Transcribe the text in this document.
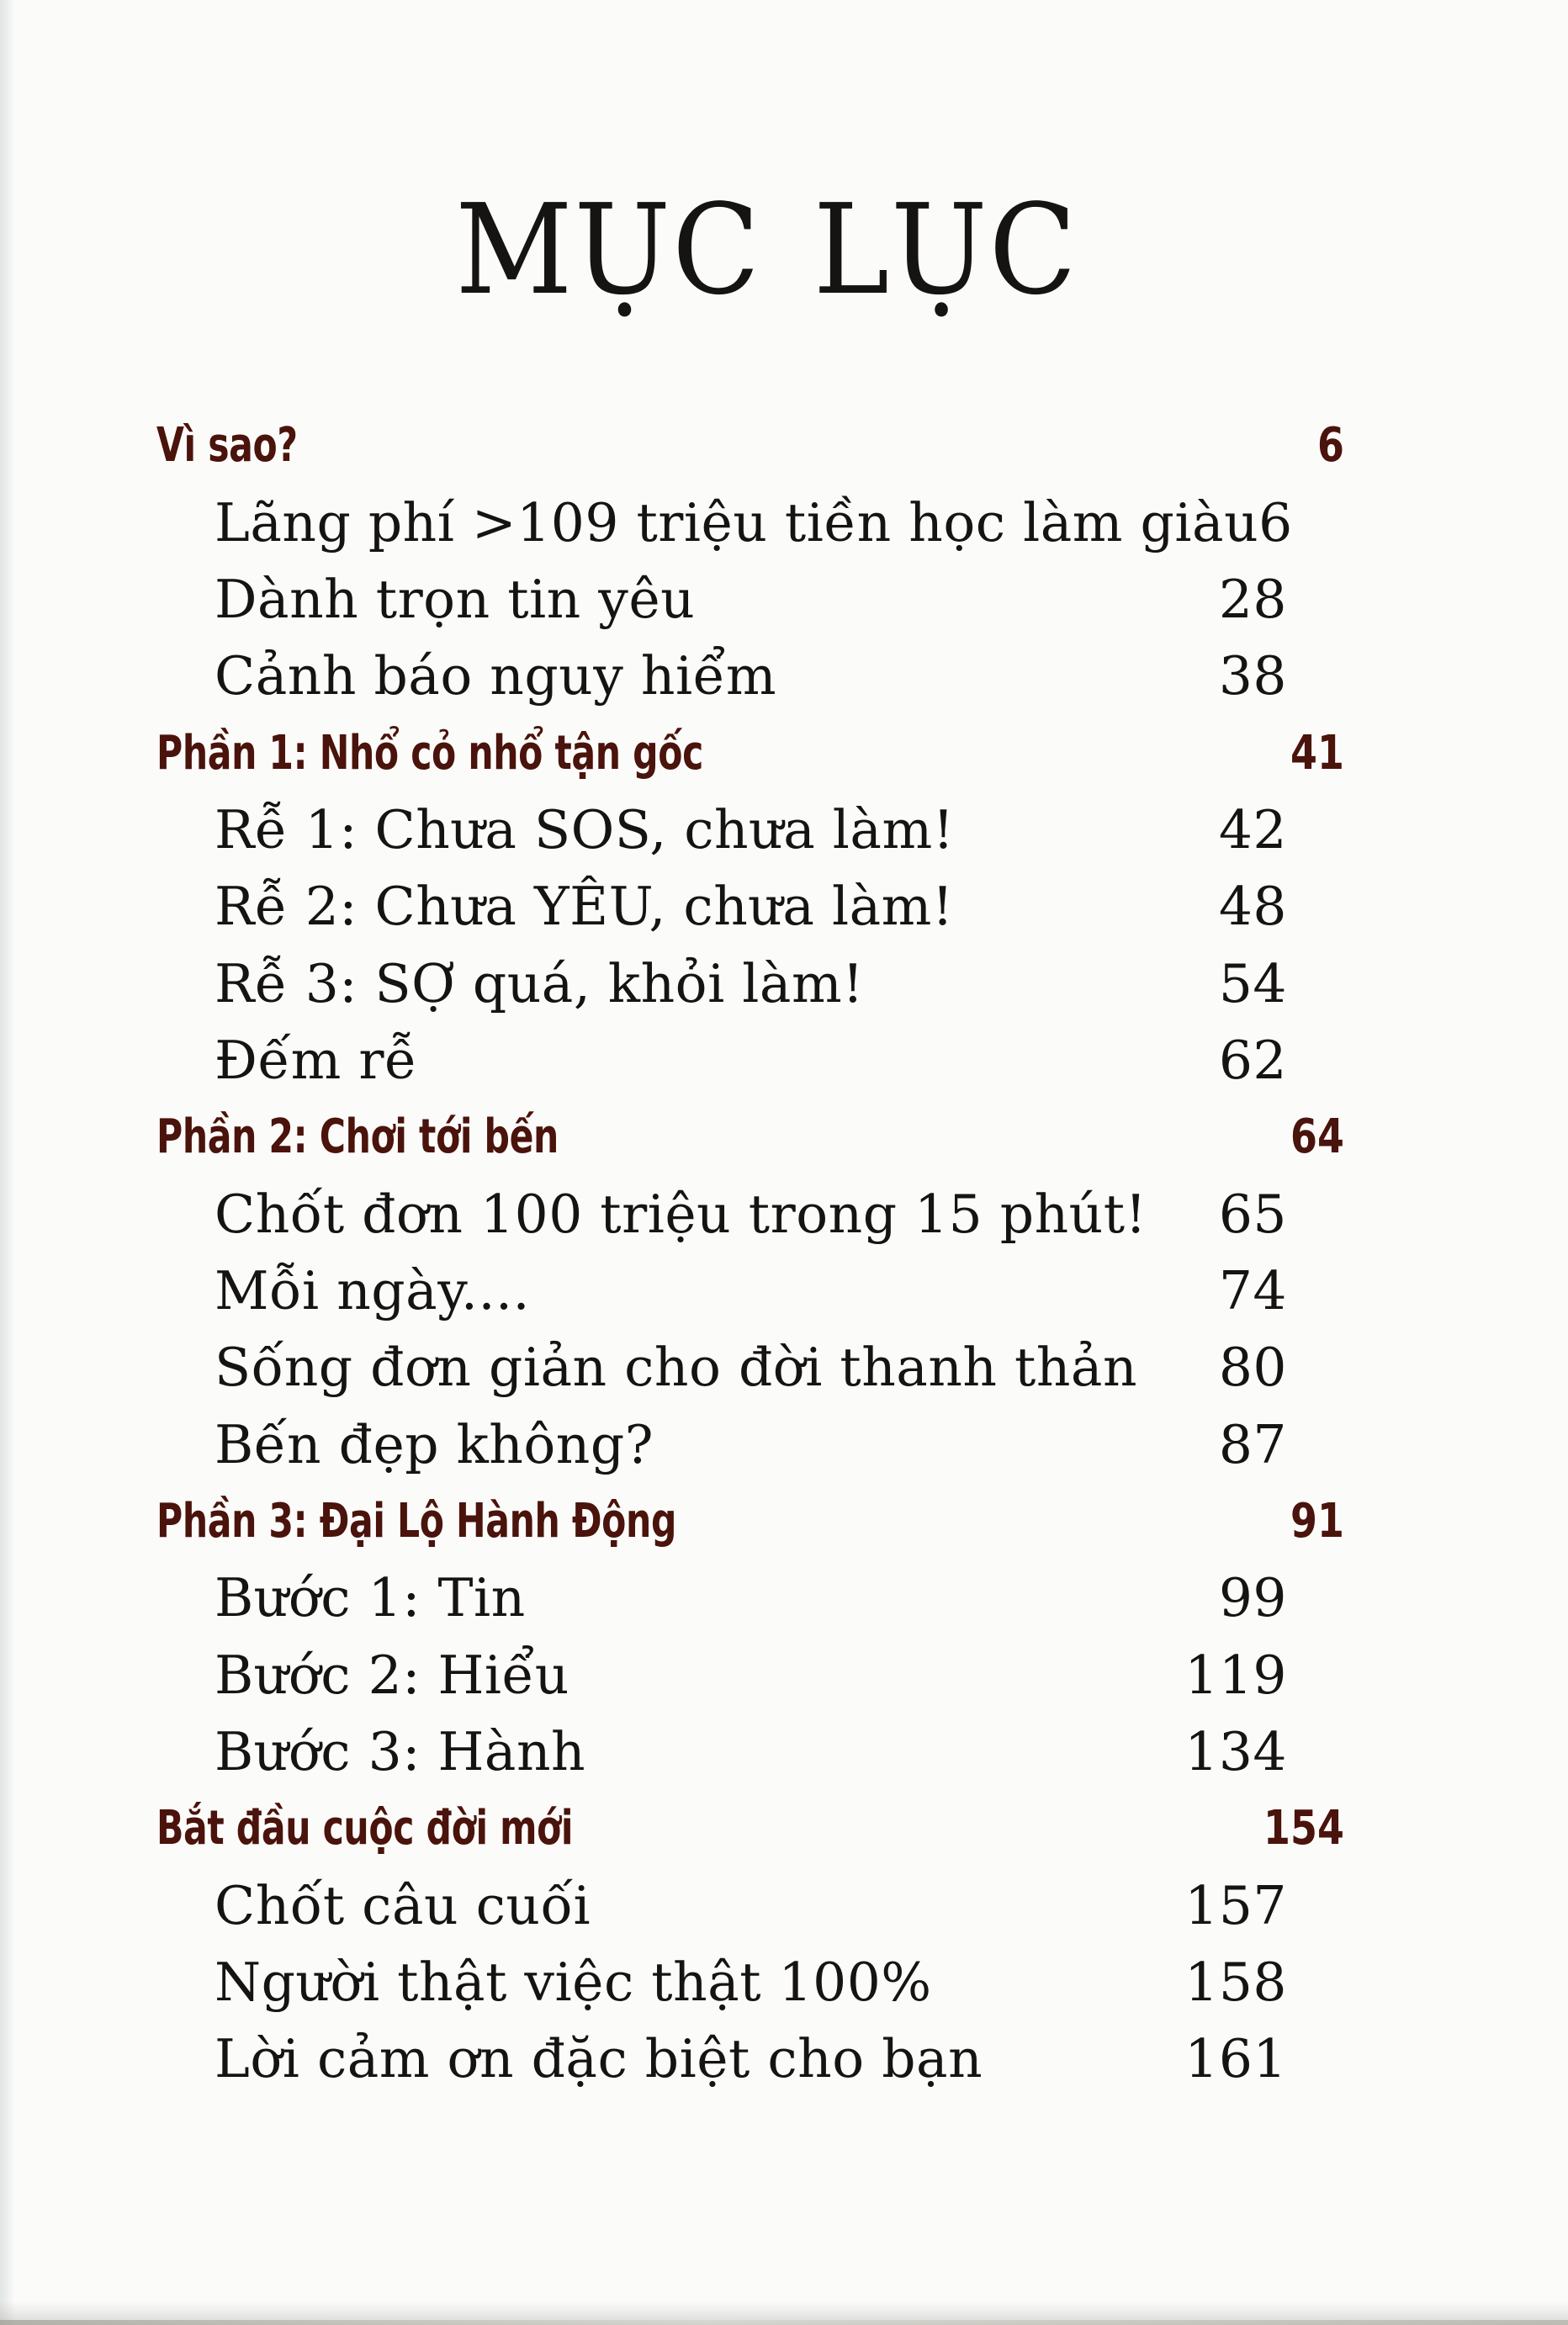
MỤC LỤC
Vì sao?	6
Lãng phí >109 triệu tiền học làm giàu 6
Dành trọn tin yêu	28
Cảnh báo nguy hiểm	38
Phần 1: Nhổ cỏ nhổ tận gốc	41
Rễ 1: Chưa SOS, chưa làm!	42
Rễ 2: Chưa YÊU, chưa làm!	48
Rễ 3: SỢ quá, khỏi làm!	54
Đếm rễ	62
Phần 2: Chơi tới bến	64
Chốt đơn 100 triệu trong 15 phút! 65
Mỗi ngày....	74
Sống đơn giản cho đời thanh thản 80
Bến đẹp không?	87
Phần 3: Đại Lộ Hành Động	91
Bước 1: Tin	99
Bước 2: Hiểu	119
Bước 3: Hành	134
Bắt đầu cuộc đời mới	154
Chốt câu cuối	157
Người thật việc thật 100%	158
Lời cảm ơn đặc biệt cho bạn	161
